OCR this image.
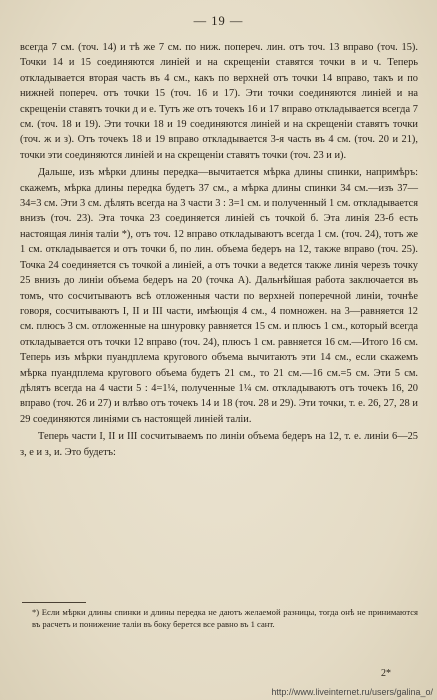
— 19 —

всегда 7 см. (точ. 14) и тѣ же 7 см. по ниж. попереч. лин. отъ точ. 13 вправо (точ. 15). Точки 14 и 15 соединяются линіей и на скрещеніи ставятся точки в и ч. Теперь откладывается вторая часть въ 4 см., какъ по верхней отъ точки 14 вправо, такъ и по нижней попереч. отъ точки 15 (точ. 16 и 17). Эти точки соединяются линіей и на скрещеніи ставятъ точки д и е. Тутъ же отъ точекъ 16 и 17 вправо откладывается всегда 7 см. (точ. 18 и 19). Эти точки 18 и 19 соединяются линіей и на скрещеніи ставятъ точки (точ. ж и з). Отъ точекъ 18 и 19 вправо откладывается 3-я часть въ 4 см. (точ. 20 и 21), точки эти соединяются линіей и на скрещеніи ставятъ точки (точ. 23 и и).

Дальше, изъ мѣрки длины передка—вычитается мѣрка длины спинки, напримѣръ: скажемъ, мѣрка длины передка будетъ 37 см., а мѣрка длины спинки 34 см.—изъ 37—34=3 см. Эти 3 см. дѣлять всегда на 3 части 3 : 3=1 см. и полученный 1 см. откладывается внизъ (точ. 23). Эта точка 23 соединяется линіей съ точкой б. Эта линія 23-б есть настоящая линія таліи *), отъ точ. 12 вправо откладываютъ всегда 1 см. (точ. 24), тотъ же 1 см. откладывается и отъ точки б, по лин. объема бедеръ на 12, также вправо (точ. 25). Точка 24 соединяется съ точкой а линіей, а отъ точки а ведется также линія черезъ точку 25 внизъ до линіи объема бедеръ на 20 (точка А). Дальнѣйшая работа заключается въ томъ, что сосчитываютъ всѣ отложенныя части по верхней поперечной линіи, точнѣе говоря, сосчитываютъ I, II и III части, имѣющія 4 см., 4 помножен. на 3—равняется 12 см. плюсъ 3 см. отложенные на шнуровку равняется 15 см. и плюсъ 1 см., который всегда откладывается отъ точки 12 вправо (точ. 24), плюсъ 1 см. равняется 16 см.—Итого 16 см. Теперь изъ мѣрки пуандплема кругового объема вычитаютъ эти 14 см., если скажемъ мѣрка пуандплема кругового объема будетъ 21 см., то 21 см.—16 см.=5 см. Эти 5 см. дѣлятъ всегда на 4 части 5 : 4=1¼, полученные 1¼ см. откладываютъ отъ точекъ 16, 20 вправо (точ. 26 и 27) и влѣво отъ точекъ 14 и 18 (точ. 28 и 29). Эти точки, т. е. 26, 27, 28 и 29 соединяются линіями съ настоящей линіей таліи.

Теперь части I, II и III сосчитываемъ по линіи объема бедеръ на 12, т. е. линіи 6—25 з, е и з, и. Это будетъ:

*) Если мѣрки длины спинки и длины передка не даютъ желаемой разницы, тогда онѣ не принимаются въ расчетъ и понижение таліи въ боку берется все равно въ 1 сант.
2*
http://www.liveinternet.ru/users/galina_o/
